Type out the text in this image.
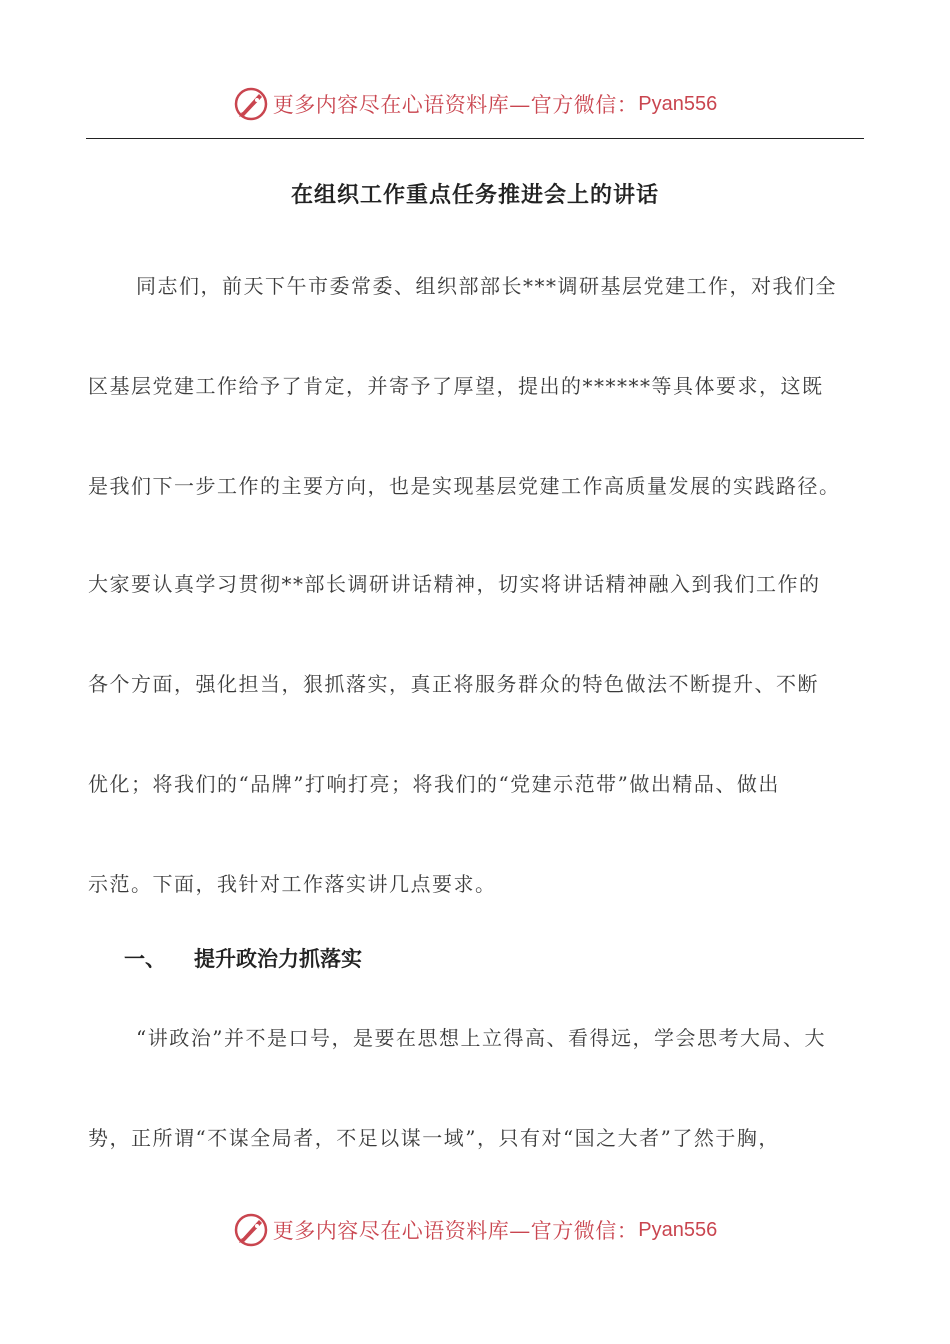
更多内容尽在心语资料库—官方微信： Pyan556
在组织工作重点任务推进会上的讲话
同志们，前天下午市委常委、组织部部长***调研基层党建工作，对我们全
区基层党建工作给予了肯定，并寄予了厚望，提出的******等具体要求，这既
是我们下一步工作的主要方向，也是实现基层党建工作高质量发展的实践路径。
大家要认真学习贯彻**部长调研讲话精神，切实将讲话精神融入到我们工作的
各个方面，强化担当，狠抓落实，真正将服务群众的特色做法不断提升、不断
优化；将我们的“品牌”打响打亮；将我们的“党建示范带”做出精品、做出
示范。下面，我针对工作落实讲几点要求。
一、 提升政治力抓落实
“讲政治”并不是口号，是要在思想上立得高、看得远，学会思考大局、大
势，正所谓“不谋全局者，不足以谋一域”，只有对“国之大者”了然于胸，
更多内容尽在心语资料库—官方微信： Pyan556
